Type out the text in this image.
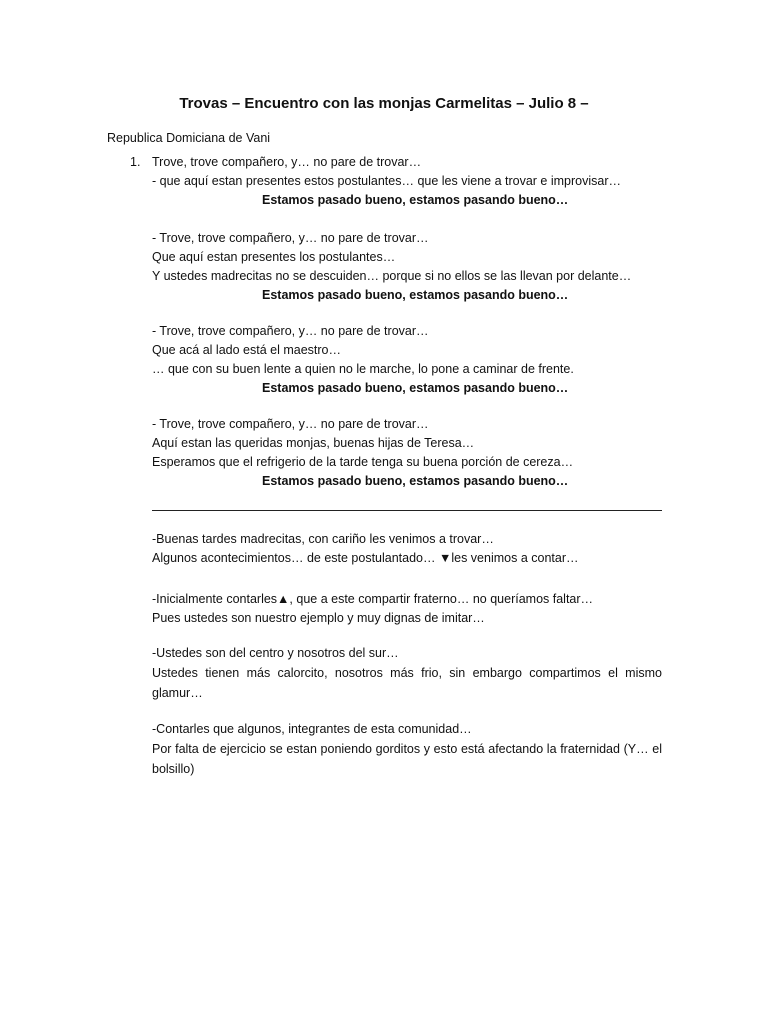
Trovas – Encuentro con las monjas Carmelitas – Julio 8 –
Republica Domiciana de Vani
1. Trove, trove compañero, y… no pare de trovar…
- que aquí estan presentes estos postulantes… que les viene a trovar e improvisar…
Estamos pasado bueno, estamos pasando bueno…
- Trove, trove compañero, y… no pare de trovar…
Que aquí estan presentes los postulantes…
Y ustedes madrecitas no se descuiden… porque si no ellos se las llevan por delante…
Estamos pasado bueno, estamos pasando bueno…
- Trove, trove compañero, y… no pare de trovar…
Que acá al lado está el maestro…
… que con su buen lente a quien no le marche, lo pone a caminar de frente.
Estamos pasado bueno, estamos pasando bueno…
- Trove, trove compañero, y… no pare de trovar…
Aquí estan las queridas monjas, buenas hijas de Teresa…
Esperamos que el refrigerio de la tarde tenga su buena porción de cereza…
Estamos pasado bueno, estamos pasando bueno…
-Buenas tardes madrecitas, con cariño les venimos a trovar…
Algunos acontecimientos… de este postulantado… ▼les venimos a contar…
-Inicialmente contarles▲, que a este compartir fraterno… no queríamos faltar…
Pues ustedes son nuestro ejemplo y muy dignas de imitar…
-Ustedes son del centro y nosotros del sur…
Ustedes tienen más calorcito, nosotros más frio, sin embargo compartimos el mismo glamur…
-Contarles que algunos, integrantes de esta comunidad…
Por falta de ejercicio se estan poniendo gorditos y esto está afectando la fraternidad (Y… el bolsillo)
